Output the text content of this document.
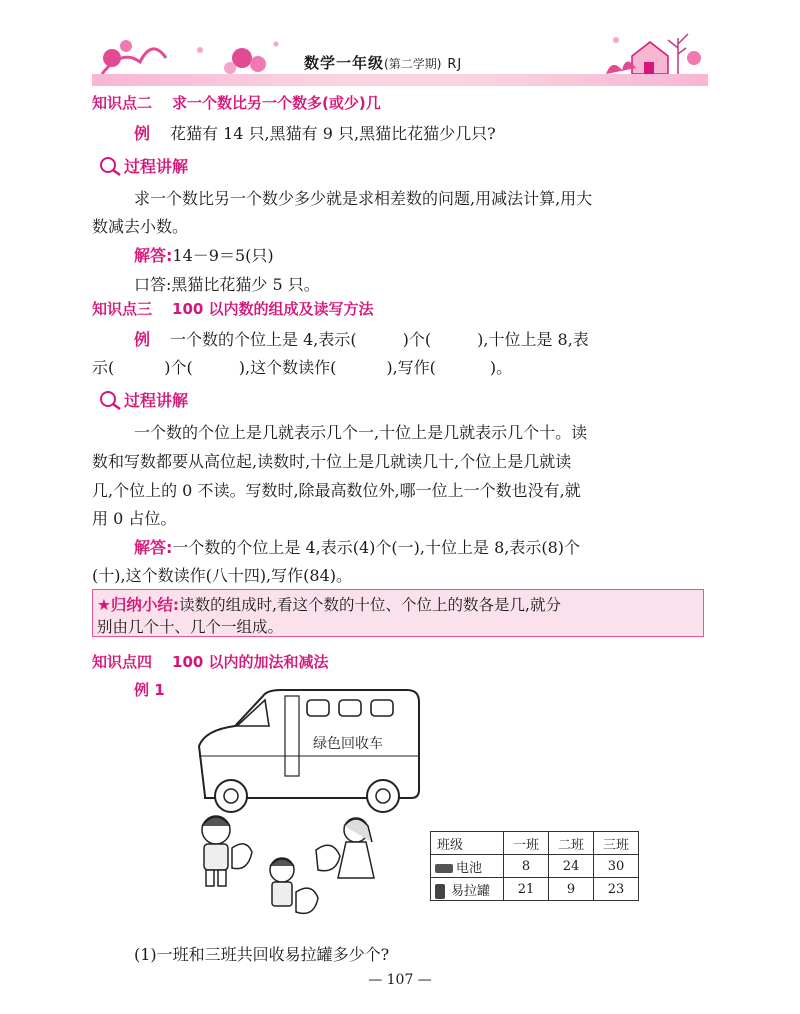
数学一年级(第二学期) RJ
知识点二 求一个数比另一个数多(或少)几
例 花猫有 14 只,黑猫有 9 只,黑猫比花猫少几只?
过程讲解
求一个数比另一个数少多少就是求相差数的问题,用减法计算,用大
数减去小数。
解答:14－9＝5(只)
口答:黑猫比花猫少 5 只。
知识点三 100 以内数的组成及读写方法
例 一个数的个位上是 4,表示(	)个(	),十位上是 8,表
示(	)个(	),这个数读作(	),写作(	)。
过程讲解
一个数的个位上是几就表示几个一,十位上是几就表示几个十。读
数和写数都要从高位起,读数时,十位上是几就读几十,个位上是几就读
几,个位上的 0 不读。写数时,除最高数位外,哪一位上一个数也没有,就
用 0 占位。
解答:一个数的个位上是 4,表示(4)个(一),十位上是 8,表示(8)个
(十),这个数读作(八十四),写作(84)。
★归纳小结:读数的组成时,看这个数的十位、个位上的数各是几,就分
别由几个十、几个一组成。
知识点四 100 以内的加法和减法
例 1
绿色回收车
班级	一班	二班	三班
电池	8	24	30
易拉罐	21	9	23
(1)一班和三班共回收易拉罐多少个?
— 107 —
